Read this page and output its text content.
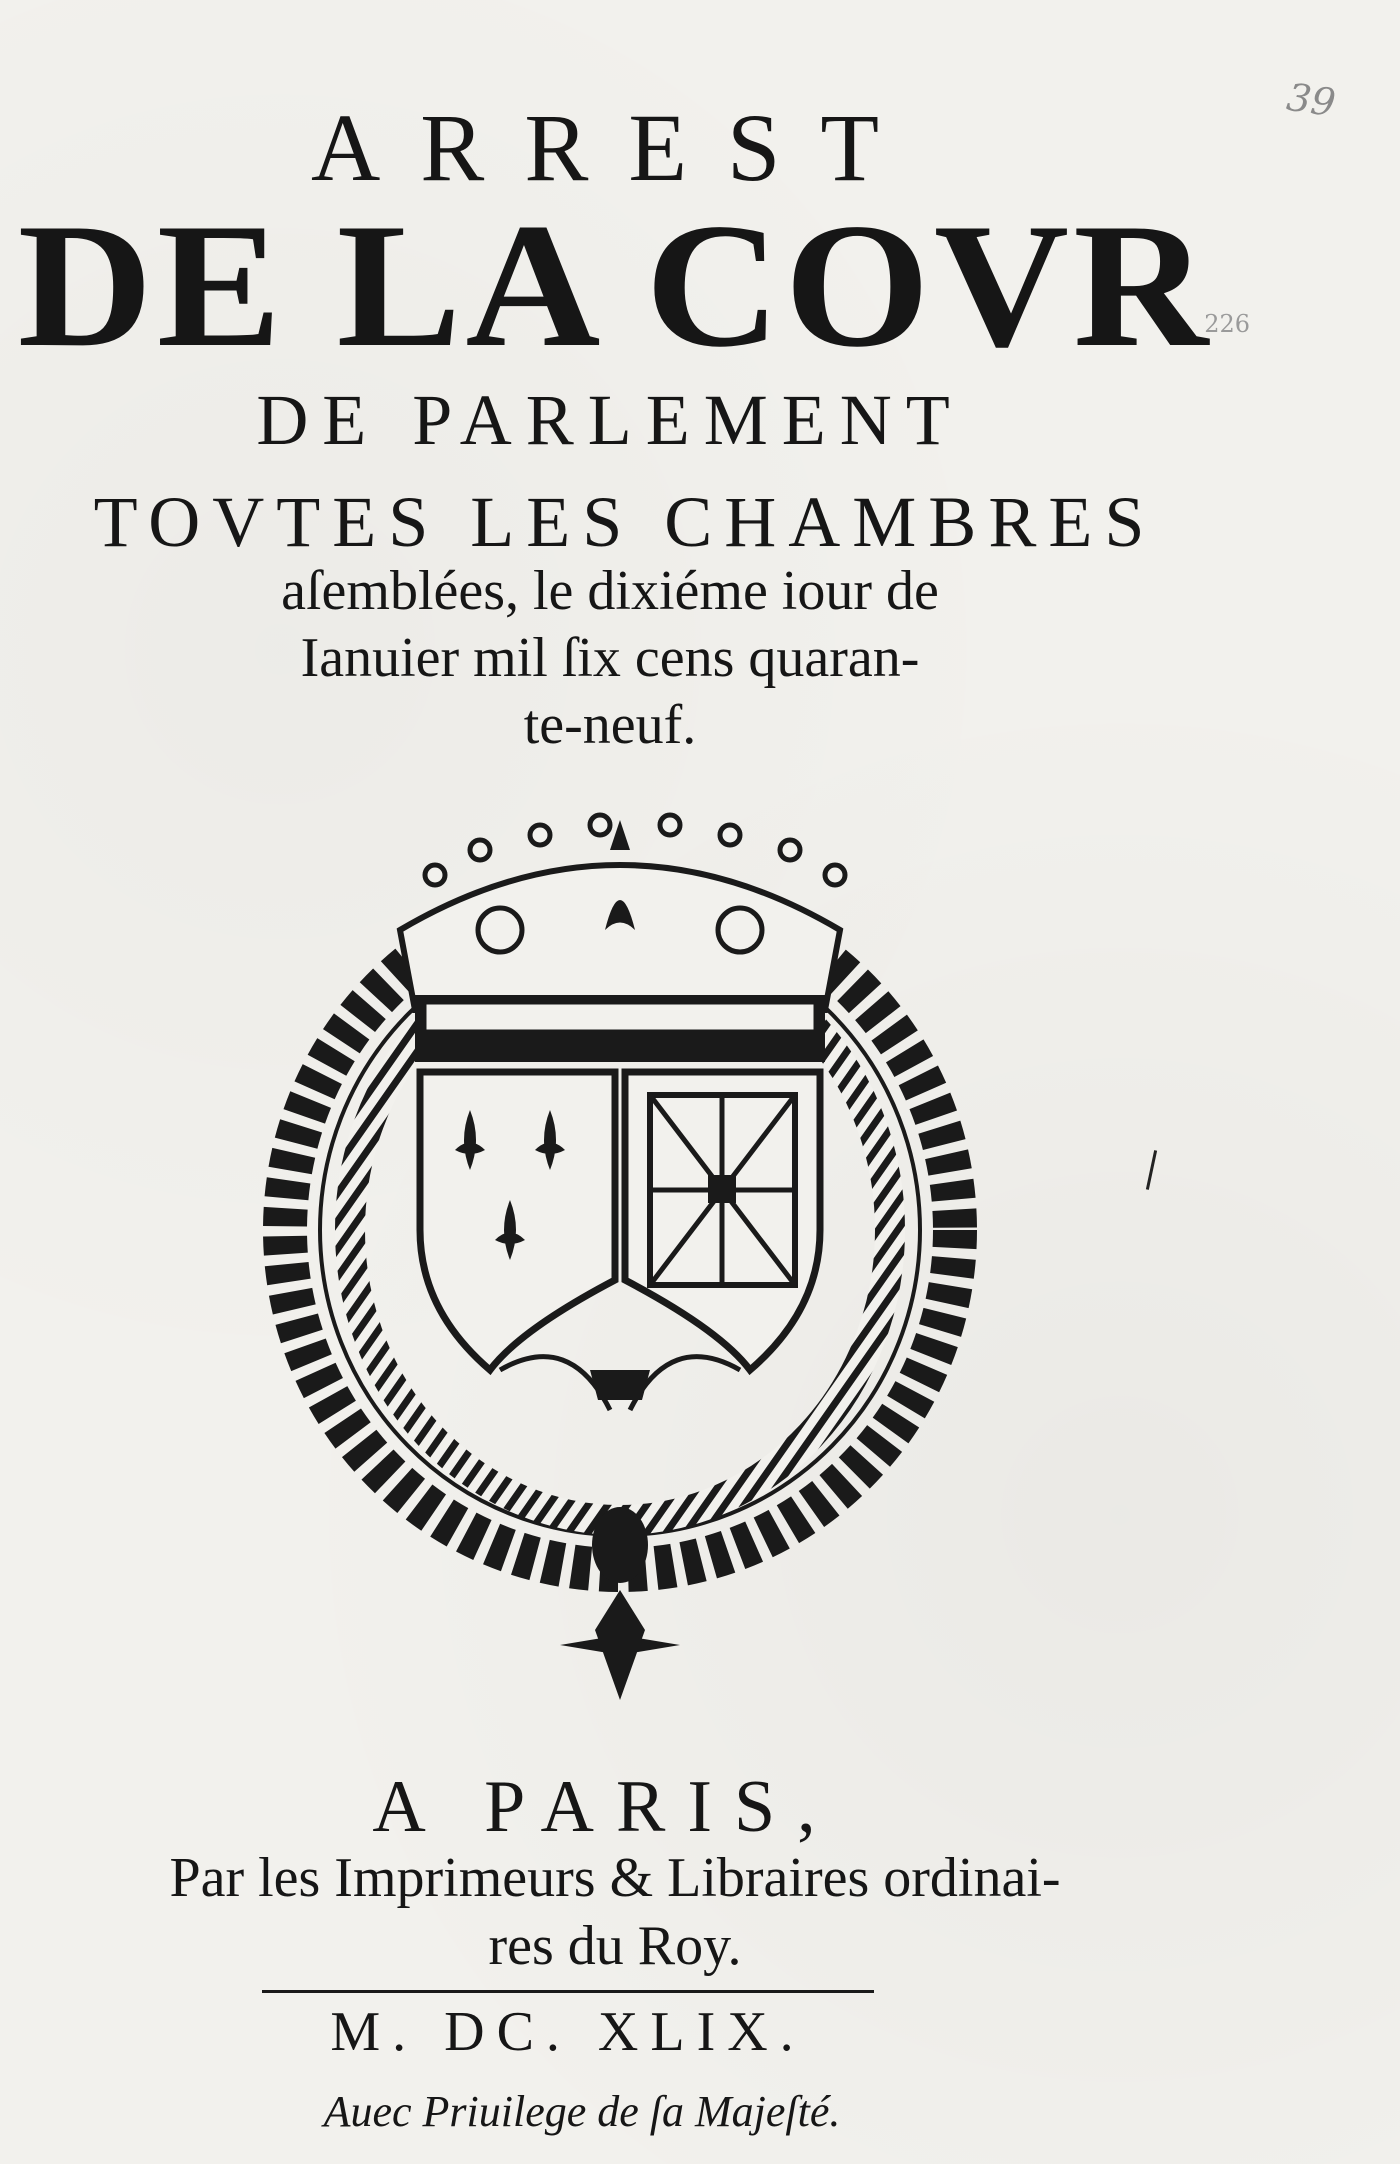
39
226
ARREST
DE LA COVR
DE PARLEMENT
TOVTES LES CHAMBRES
aſemblées, le dixiéme iour de
Ianuier mil ſix cens quaran-
te-neuf.
A PARIS,
Par les Imprimeurs & Libraires ordinai-
res du Roy.
M. DC. XLIX.
Auec Priuilege de ſa Majeſté.
